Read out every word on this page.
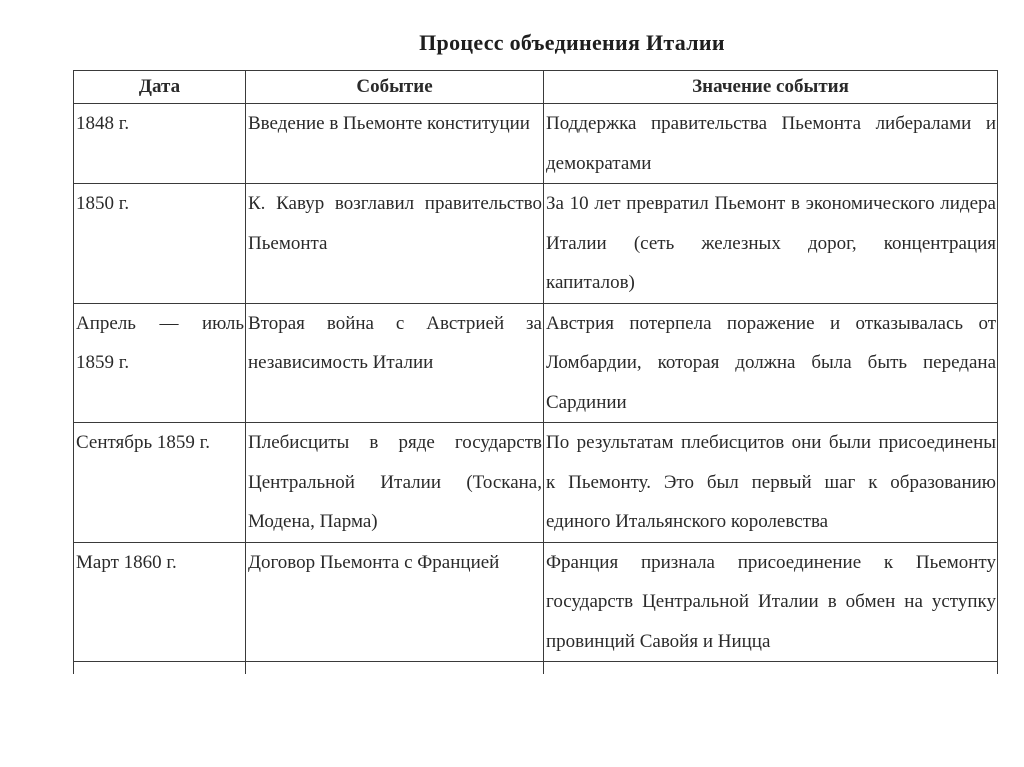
Процесс объединения Италии
Дата	Событие	Значение события
1848 г.	Введение в Пьемонте конституции	Поддержка правительства Пьемонта либералами и демократами
1850 г.	К. Кавур возглавил правительство Пьемонта	За 10 лет превратил Пьемонт в экономического лидера Италии (сеть железных дорог, концентрация капиталов)
Апрель — июль 1859 г.	Вторая война с Австрией за независимость Италии	Австрия потерпела поражение и отказывалась от Ломбардии, которая должна была быть передана Сардинии
Сентябрь 1859 г.	Плебисциты в ряде государств Центральной Италии (Тоскана, Модена, Парма)	По результатам плебисцитов они были присоединены к Пьемонту. Это был первый шаг к образованию единого Итальянского королевства
Март 1860 г.	Договор Пьемонта с Францией	Франция признала присоединение к Пьемонту государств Центральной Италии в обмен на уступку провинций Савойя и Ницца
